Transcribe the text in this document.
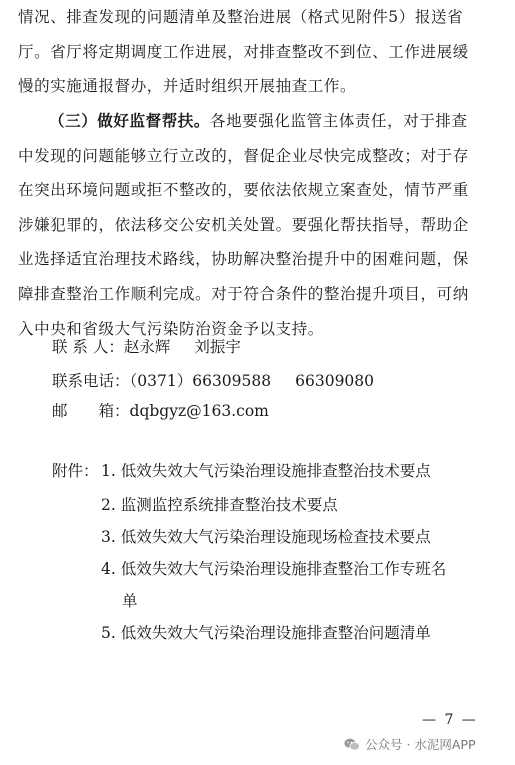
情况、排查发现的问题清单及整治进展（格式见附件5）报送省
厅。省厅将定期调度工作进展，对排查整改不到位、工作进展缓
慢的实施通报督办，并适时组织开展抽查工作。
（三）做好监督帮扶。各地要强化监管主体责任，对于排查
中发现的问题能够立行立改的，督促企业尽快完成整改；对于存
在突出环境问题或拒不整改的，要依法依规立案查处，情节严重
涉嫌犯罪的，依法移交公安机关处置。要强化帮扶指导，帮助企
业选择适宜治理技术路线，协助解决整治提升中的困难问题，保
障排查整治工作顺利完成。对于符合条件的整治提升项目，可纳
入中央和省级大气污染防治资金予以支持。
联 系 人：赵永辉 刘振宇
联系电话：（0371）66309588 66309080
邮　　箱：dqbgyz@163.com
附件： 1. 低效失效大气污染治理设施排查整治技术要点
2. 监测监控系统排查整治技术要点
3. 低效失效大气污染治理设施现场检查技术要点
4. 低效失效大气污染治理设施排查整治工作专班名
单
5. 低效失效大气污染治理设施排查整治问题清单
— 7 —
公众号 · 水泥网APP
